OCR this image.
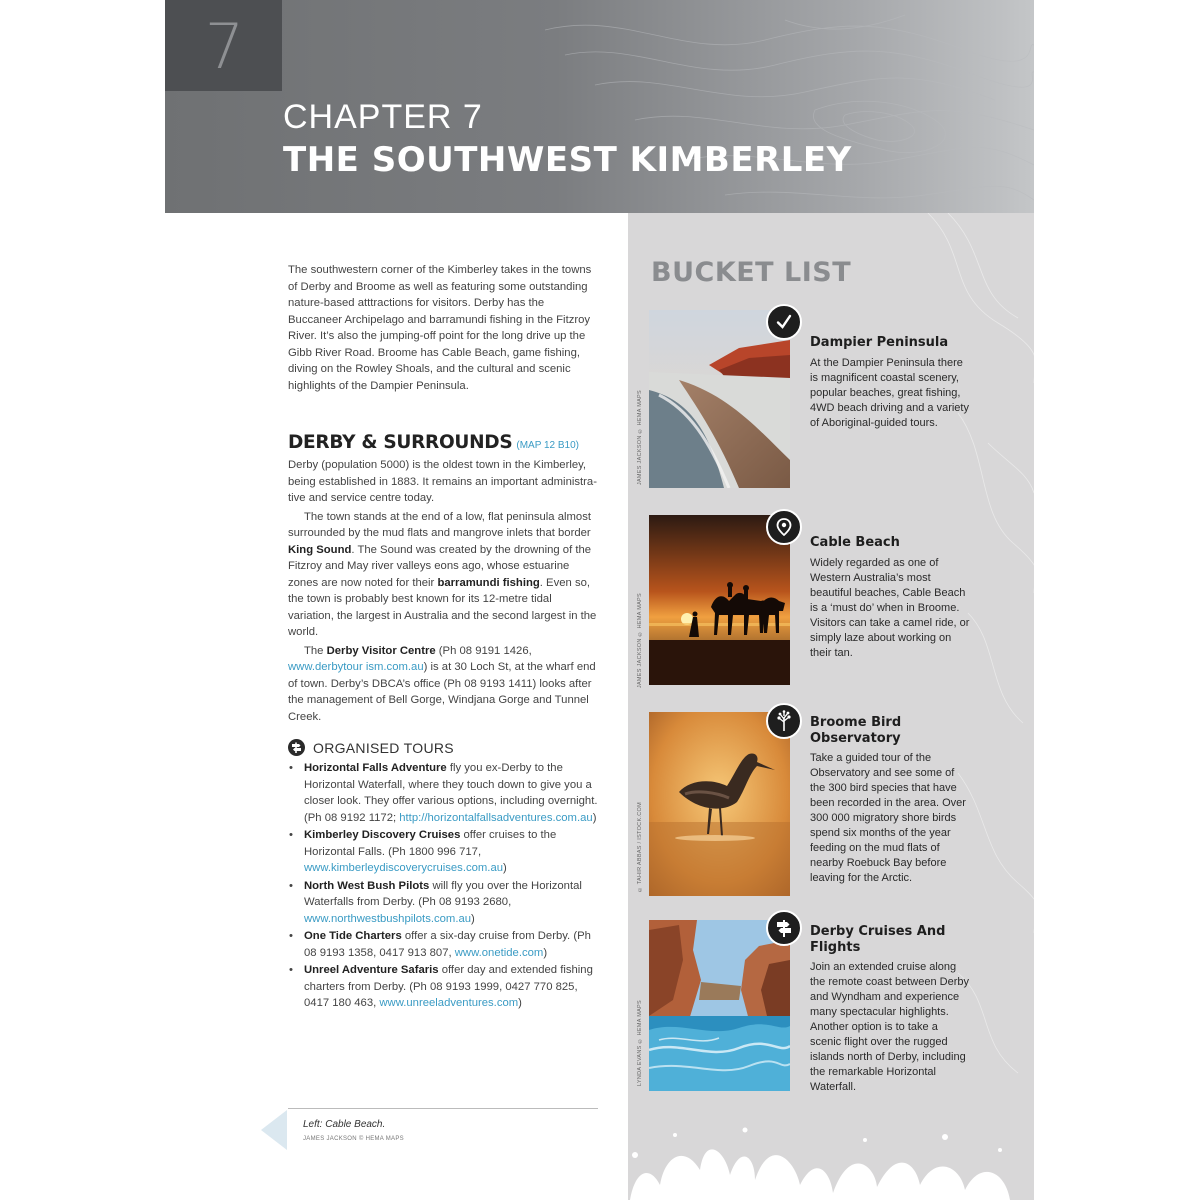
7
CHAPTER 7
THE SOUTHWEST KIMBERLEY

The southwestern corner of the Kimberley takes in the towns of Derby and Broome as well as featuring some outstanding nature-based atttractions for visitors. Derby has the Buccaneer Archipelago and barramundi fishing in the Fitzroy River. It’s also the jumping-off point for the long drive up the Gibb River Road. Broome has Cable Beach, game fishing, diving on the Rowley Shoals, and the cultural and scenic highlights of the Dampier Peninsula.

DERBY & SURROUNDS (MAP 12 B10)

Derby (population 5000) is the oldest town in the Kimberley, being established in 1883. It remains an important administrative and service centre today.

The town stands at the end of a low, flat peninsula almost surrounded by the mud flats and mangrove inlets that border King Sound. The Sound was created by the drowning of the Fitzroy and May river valleys eons ago, whose estuarine zones are now noted for their barramundi fishing. Even so, the town is probably best known for its 12-metre tidal variation, the largest in Australia and the second largest in the world.

The Derby Visitor Centre (Ph 08 9191 1426, www.derbytour ism.com.au) is at 30 Loch St, at the wharf end of town. Derby’s DBCA’s office (Ph 08 9193 1411) looks after the management of Bell Gorge, Windjana Gorge and Tunnel Creek.

ORGANISED TOURS
• Horizontal Falls Adventure fly you ex-Derby to the Horizontal Waterfall, where they touch down to give you a closer look. They offer various options, including overnight. (Ph 08 9192 1172; http://horizontalfallsadventures.com.au)
• Kimberley Discovery Cruises offer cruises to the Horizontal Falls. (Ph 1800 996 717, www.kimberleydiscoverycruises.com.au)
• North West Bush Pilots will fly you over the Horizontal Waterfalls from Derby. (Ph 08 9193 2680, www.northwestbushpilots.com.au)
• One Tide Charters offer a six-day cruise from Derby. (Ph 08 9193 1358, 0417 913 807, www.onetide.com)
• Unreel Adventure Safaris offer day and extended fishing charters from Derby. (Ph 08 9193 1999, 0427 770 825, 0417 180 463, www.unreeladventures.com)
Left: Cable Beach.
JAMES JACKSON © HEMA MAPS
BUCKET LIST
JAMES JACKSON © HEMA MAPS
Dampier Peninsula
At the Dampier Peninsula there is magnificent coastal scenery, popular beaches, great fishing, 4WD beach driving and a variety of Aboriginal-guided tours.
JAMES JACKSON © HEMA MAPS
Cable Beach
Widely regarded as one of Western Australia’s most beautiful beaches, Cable Beach is a ‘must do’ when in Broome. Visitors can take a camel ride, or simply laze about working on their tan.
© TAHIR ABBAS / ISTOCK.COM
Broome Bird Observatory
Take a guided tour of the Observatory and see some of the 300 bird species that have been recorded in the area. Over 300 000 migratory shore birds spend six months of the year feeding on the mud flats of nearby Roebuck Bay before leaving for the Arctic.
LYNDA EVANS © HEMA MAPS
Derby Cruises And Flights
Join an extended cruise along the remote coast between Derby and Wyndham and experience many spectacular highlights. Another option is to take a scenic flight over the rugged islands north of Derby, including the remarkable Horizontal Waterfall.
